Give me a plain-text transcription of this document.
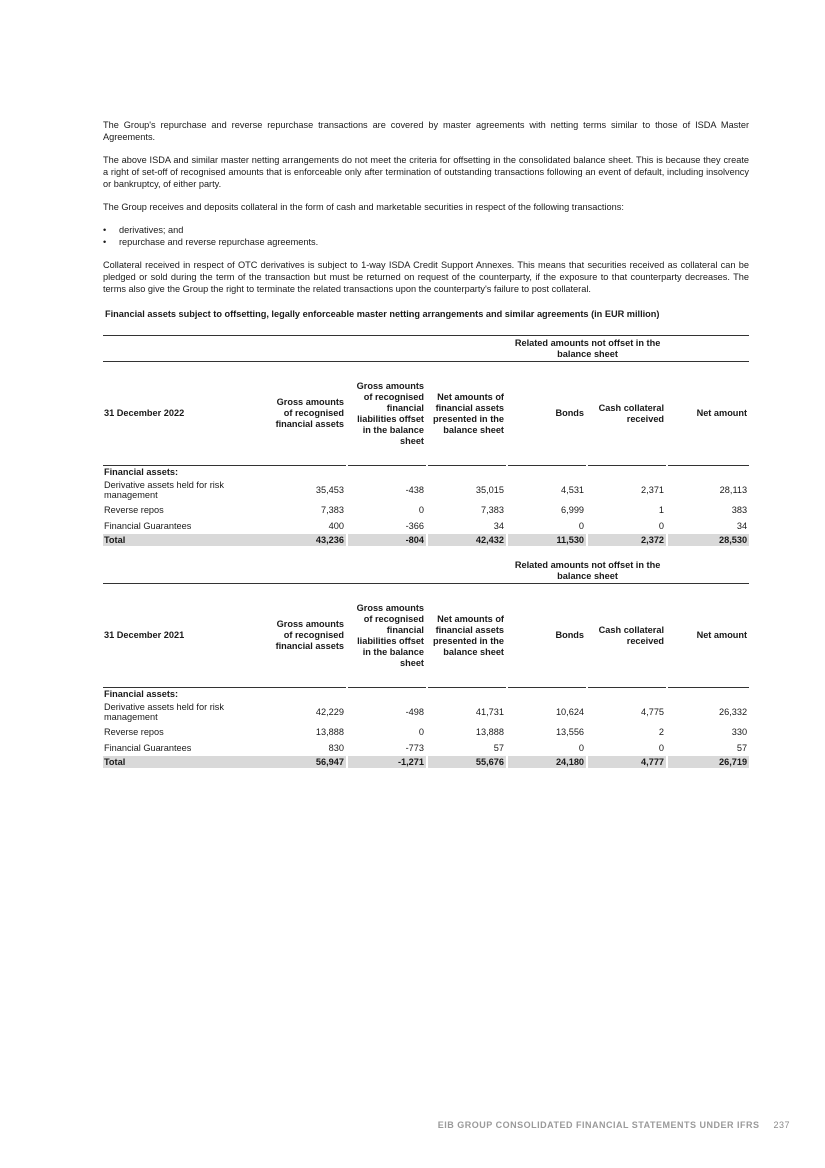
The Group's repurchase and reverse repurchase transactions are covered by master agreements with netting terms similar to those of ISDA Master Agreements.

The above ISDA and similar master netting arrangements do not meet the criteria for offsetting in the consolidated balance sheet. This is because they create a right of set-off of recognised amounts that is enforceable only after termination of outstanding transactions following an event of default, including insolvency or bankruptcy, of either party.

The Group receives and deposits collateral in the form of cash and marketable securities in respect of the following transactions:

• derivatives; and
• repurchase and reverse repurchase agreements.

Collateral received in respect of OTC derivatives is subject to 1-way ISDA Credit Support Annexes. This means that securities received as collateral can be pledged or sold during the term of the transaction but must be returned on request of the counterparty, if the exposure to that counterparty decreases. The terms also give the Group the right to terminate the related transactions upon the counterparty's failure to post collateral.

Financial assets subject to offsetting, legally enforceable master netting arrangements and similar agreements (in EUR million)
							Related amounts not offset in the balance sheet				
31 December 2022	Gross amounts of recognised financial assets		Gross amounts of recognised financial liabilities offset in the balance sheet		Net amounts of financial assets presented in the balance sheet		Bonds		Cash collateral received		Net amount
Financial assets:											
Derivative assets held for risk management	35,453		-438		35,015		4,531		2,371		28,113
Reverse repos	7,383		0		7,383		6,999		1		383
Financial Guarantees	400		-366		34		0		0		34
Total	43,236		-804		42,432		11,530		2,372		28,530
							Related amounts not offset in the balance sheet				
31 December 2021	Gross amounts of recognised financial assets		Gross amounts of recognised financial liabilities offset in the balance sheet		Net amounts of financial assets presented in the balance sheet		Bonds		Cash collateral received		Net amount
Financial assets:											
Derivative assets held for risk management	42,229		-498		41,731		10,624		4,775		26,332
Reverse repos	13,888		0		13,888		13,556		2		330
Financial Guarantees	830		-773		57		0		0		57
Total	56,947		-1,271		55,676		24,180		4,777		26,719
EIB GROUP CONSOLIDATED FINANCIAL STATEMENTS UNDER IFRS 237
